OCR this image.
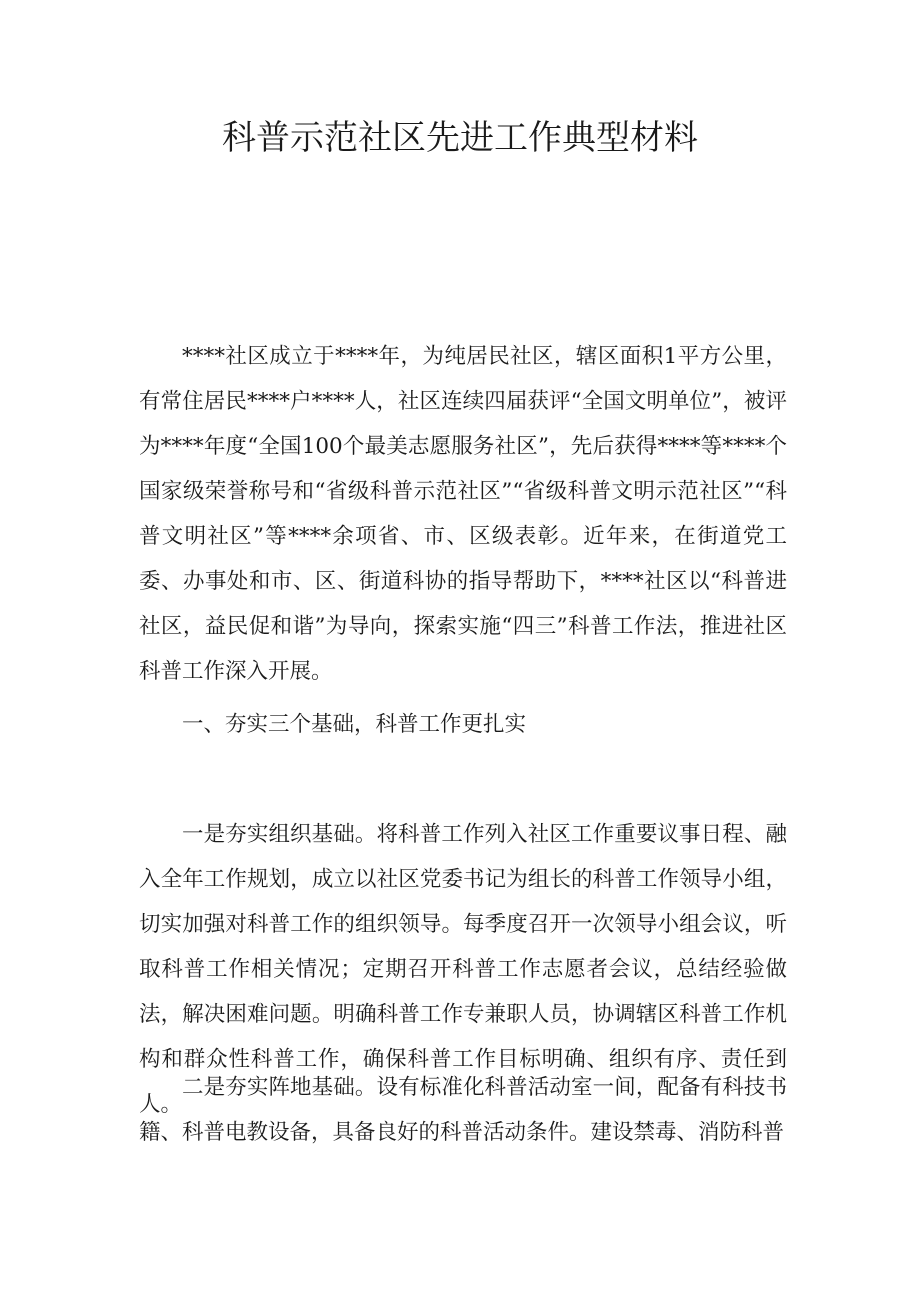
科普示范社区先进工作典型材料

****社区成立于****年，为纯居民社区，辖区面积1平方公里，有常住居民****户****人，社区连续四届获评“全国文明单位”，被评为****年度“全国100个最美志愿服务社区”，先后获得****等****个国家级荣誉称号和“省级科普示范社区”“省级科普文明示范社区”“科普文明社区”等****余项省、市、区级表彰。近年来，在街道党工委、办事处和市、区、街道科协的指导帮助下，****社区以“科普进社区，益民促和谐”为导向，探索实施“四三”科普工作法，推进社区科普工作深入开展。

一、夯实三个基础，科普工作更扎实

一是夯实组织基础。将科普工作列入社区工作重要议事日程、融入全年工作规划，成立以社区党委书记为组长的科普工作领导小组，切实加强对科普工作的组织领导。每季度召开一次领导小组会议，听取科普工作相关情况；定期召开科普工作志愿者会议，总结经验做法，解决困难问题。明确科普工作专兼职人员，协调辖区科普工作机构和群众性科普工作，确保科普工作目标明确、组织有序、责任到人。

二是夯实阵地基础。设有标准化科普活动室一间，配备有科技书籍、科普电教设备，具备良好的科普活动条件。建设禁毒、消防科普
